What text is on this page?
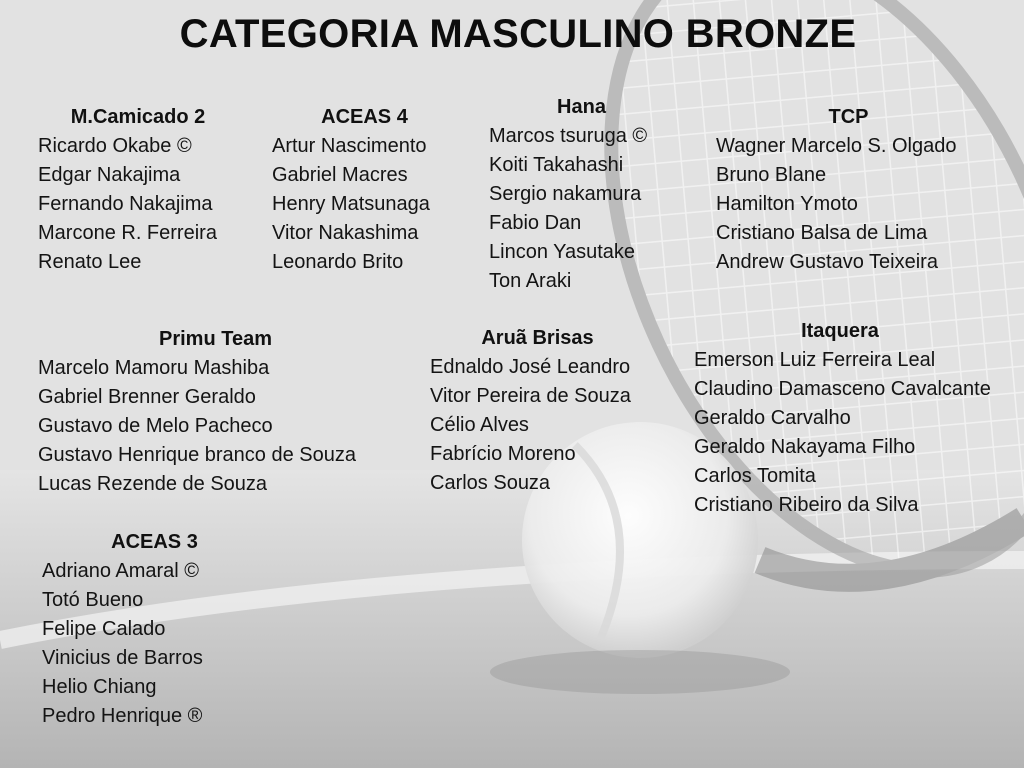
CATEGORIA MASCULINO BRONZE
M.Camicado 2
Ricardo Okabe ©
Edgar Nakajima
Fernando Nakajima
Marcone R. Ferreira
Renato Lee
ACEAS 4
Artur Nascimento
Gabriel Macres
Henry Matsunaga
Vitor Nakashima
Leonardo Brito
Hana
Marcos tsuruga ©
Koiti Takahashi
Sergio nakamura
Fabio Dan
Lincon Yasutake
Ton Araki
TCP
Wagner Marcelo S. Olgado
Bruno Blane
Hamilton Ymoto
Cristiano Balsa de Lima
Andrew Gustavo Teixeira
Primu Team
Marcelo Mamoru Mashiba
Gabriel Brenner Geraldo
Gustavo de Melo Pacheco
Gustavo Henrique branco de Souza
Lucas Rezende de Souza
Aruã Brisas
Ednaldo José Leandro
Vitor Pereira de Souza
Célio Alves
Fabrício Moreno
Carlos Souza
Itaquera
Emerson Luiz Ferreira Leal
Claudino Damasceno Cavalcante
Geraldo Carvalho
Geraldo Nakayama Filho
Carlos Tomita
Cristiano Ribeiro da Silva
ACEAS 3
Adriano Amaral ©
Totó Bueno
Felipe Calado
Vinicius de Barros
Helio Chiang
Pedro Henrique ®
